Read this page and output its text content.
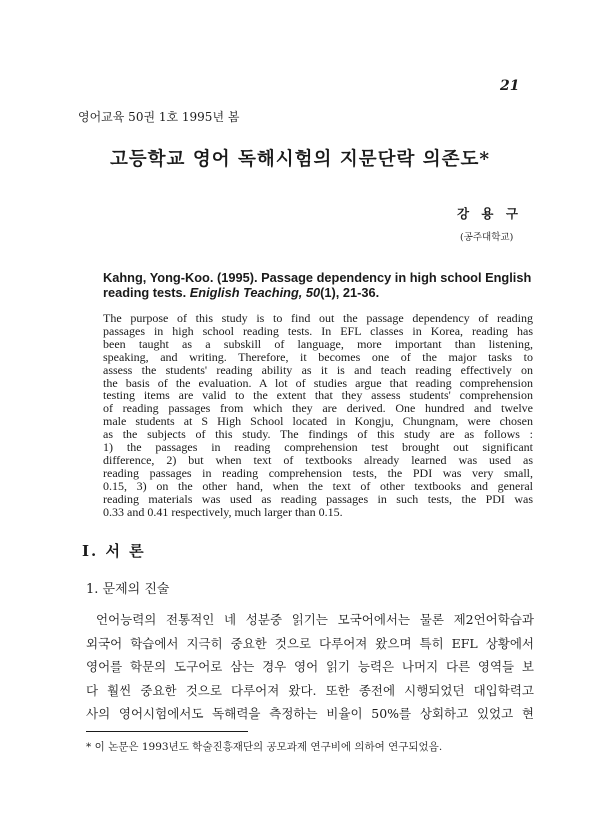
21
영어교육 50권 1호 1995년 봄
고등학교 영어 독해시험의 지문단락 의존도*
강 용 구
(공주대학교)
Kahng, Yong-Koo. (1995). Passage dependency in high school English
reading tests. Eniglish Teaching, 50(1), 21-36.
The purpose of this study is to find out the passage dependency of reading
passages in high school reading tests. In EFL classes in Korea, reading has
been taught as a subskill of language, more important than listening,
speaking, and writing. Therefore, it becomes one of the major tasks to
assess the students' reading ability as it is and teach reading effectively on
the basis of the evaluation. A lot of studies argue that reading comprehension
testing items are valid to the extent that they assess students' comprehension
of reading passages from which they are derived. One hundred and twelve
male students at S High School located in Kongju, Chungnam, were chosen
as the subjects of this study. The findings of this study are as follows :
1) the passages in reading comprehension test brought out significant
difference, 2) but when text of textbooks already learned was used as
reading passages in reading comprehension tests, the PDI was very small,
0.15, 3) on the other hand, when the text of other textbooks and general
reading materials was used as reading passages in such tests, the PDI was
0.33 and 0.41 respectively, much larger than 0.15.
Ⅰ. 서 론
1. 문제의 진술
언어능력의 전통적인 네 성분중 읽기는 모국어에서는 물론 제2언어학습과
외국어 학습에서 지극히 중요한 것으로 다루어져 왔으며 특히 EFL 상황에서
영어를 학문의 도구어로 삼는 경우 영어 읽기 능력은 나머지 다른 영역들 보
다 훨씬 중요한 것으로 다루어져 왔다. 또한 종전에 시행되었던 대입학력고
사의 영어시험에서도 독해력을 측정하는 비율이 50%를 상회하고 있었고 현
* 이 논문은 1993년도 학술진흥재단의 공모과제 연구비에 의하여 연구되었음.
